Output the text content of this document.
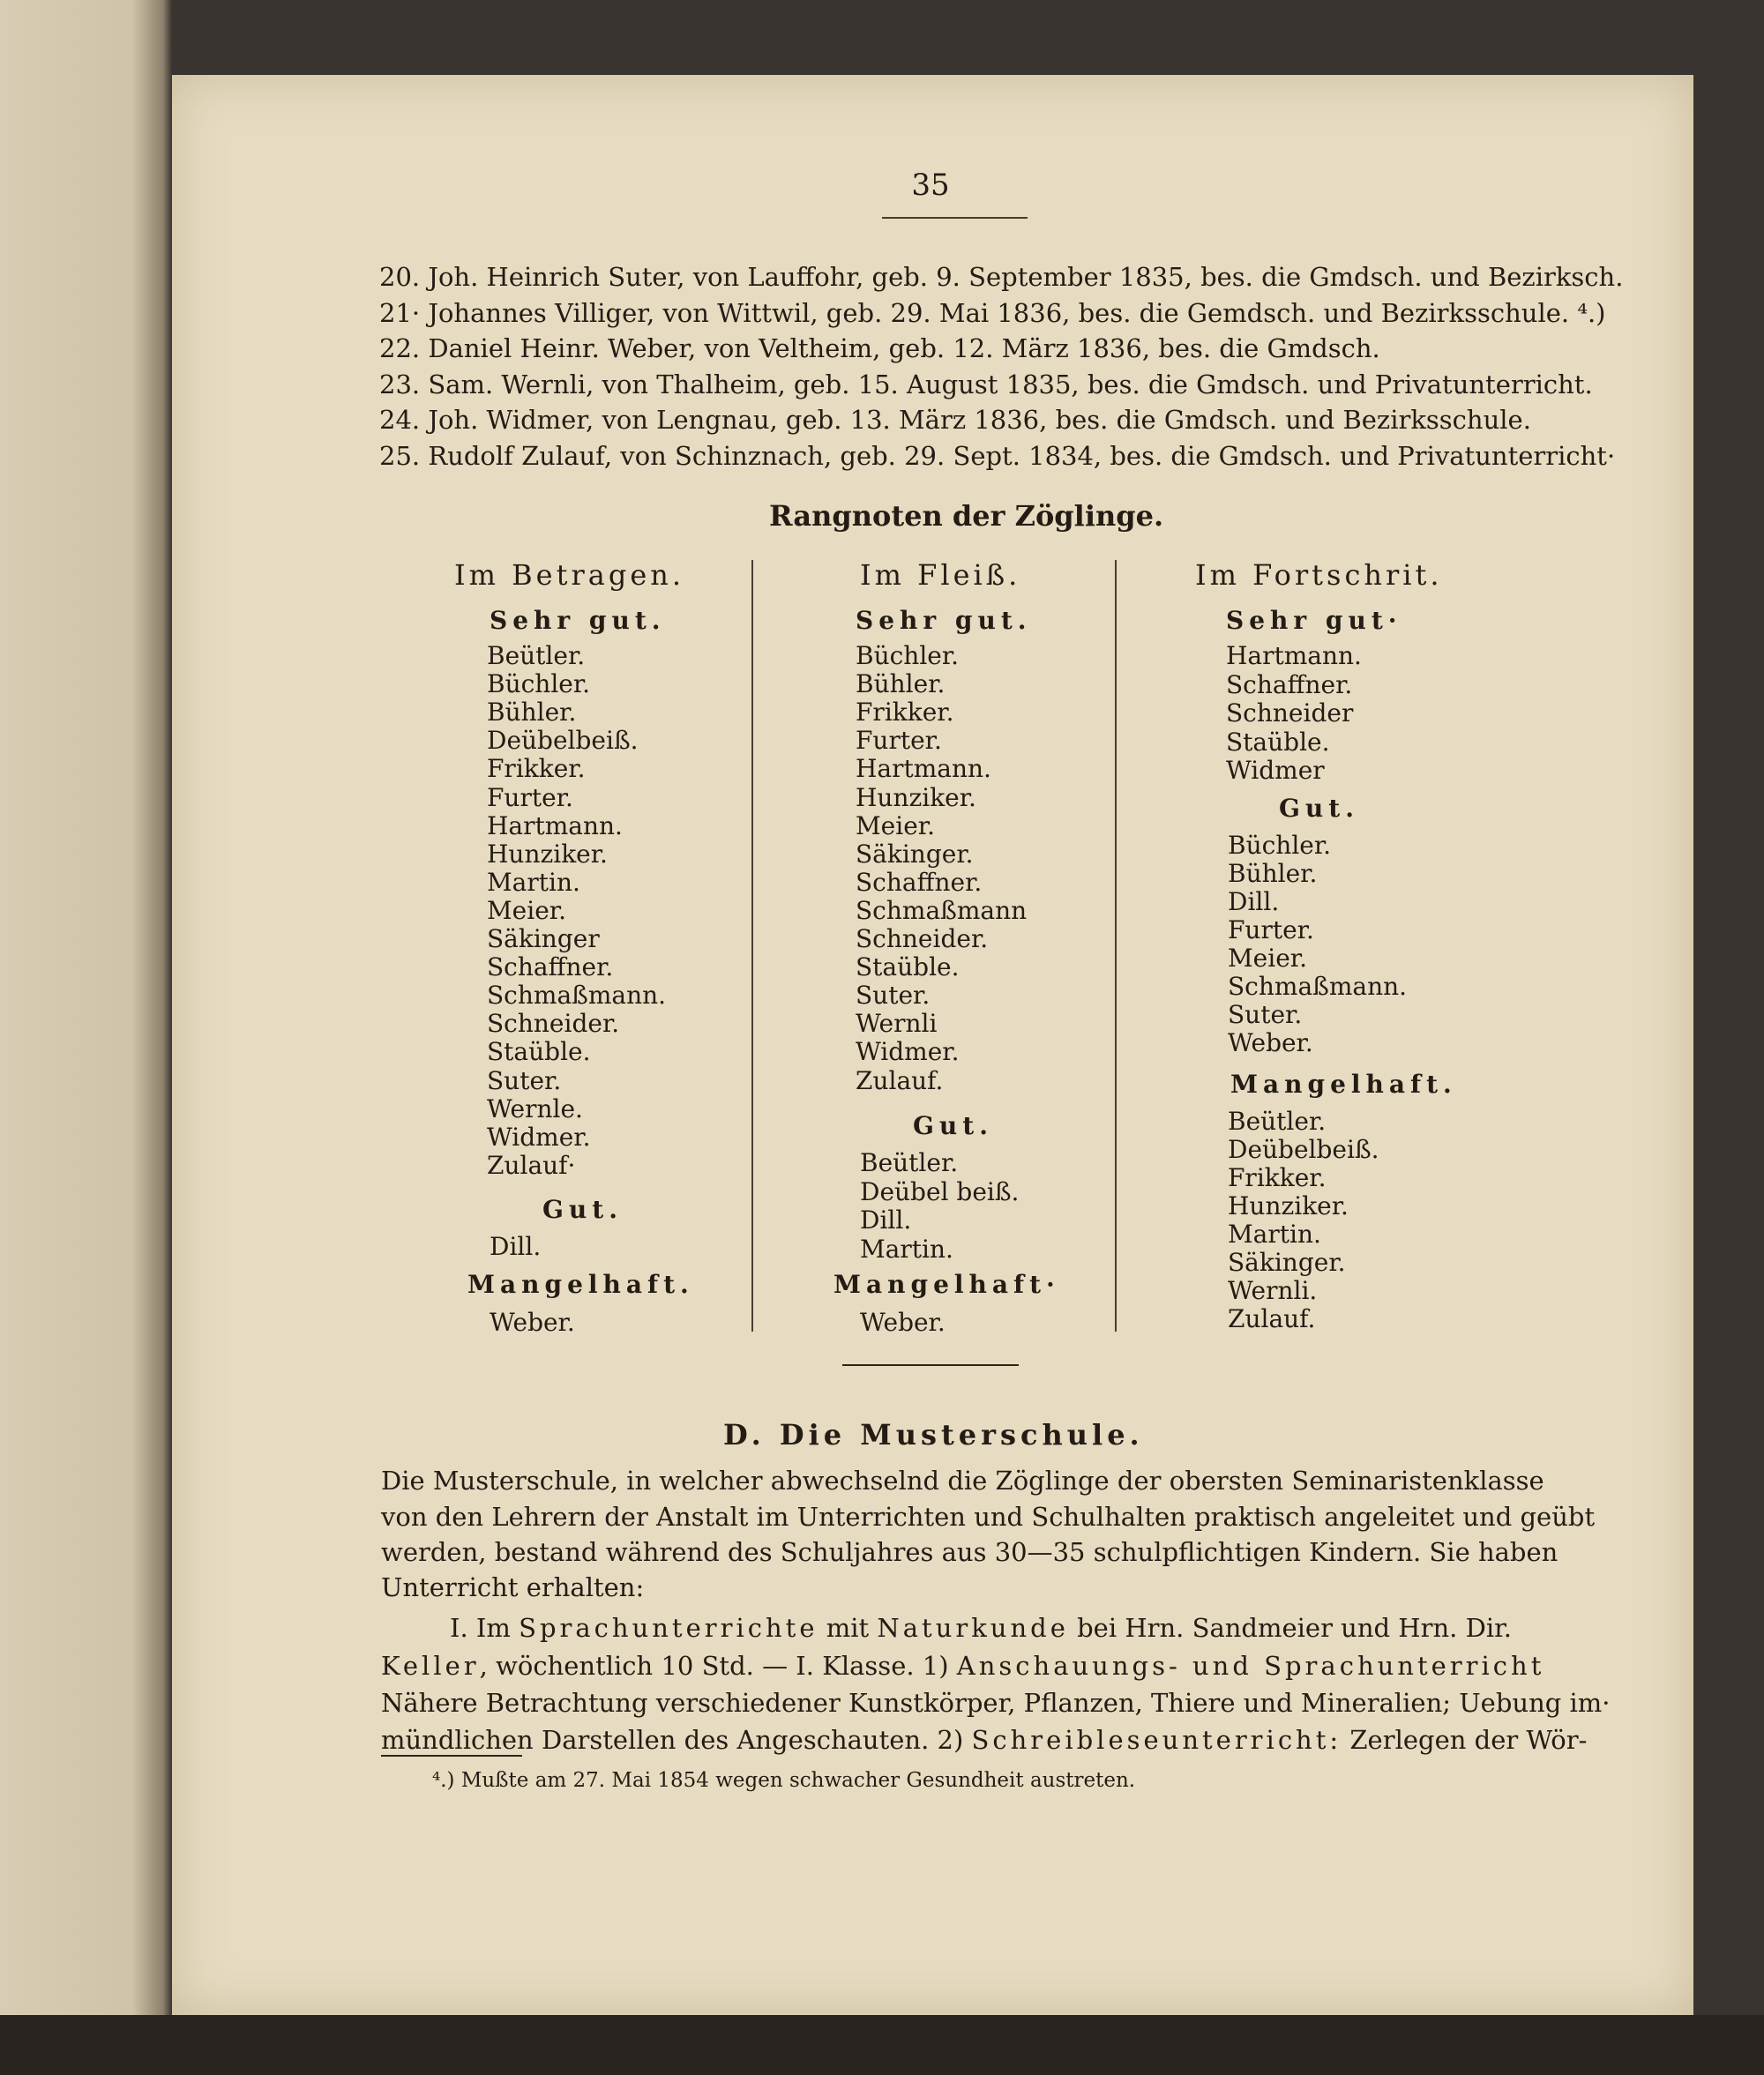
35
20. Joh. Heinrich Suter, von Lauffohr, geb. 9. September 1835, bes. die Gmdsch. und Bezirksch.
21· Johannes Villiger, von Wittwil, geb. 29. Mai 1836, bes. die Gemdsch. und Bezirksschule. ⁴.)
22. Daniel Heinr. Weber, von Veltheim, geb. 12. März 1836, bes. die Gmdsch.
23. Sam. Wernli, von Thalheim, geb. 15. August 1835, bes. die Gmdsch. und Privatunterricht.
24. Joh. Widmer, von Lengnau, geb. 13. März 1836, bes. die Gmdsch. und Bezirksschule.
25. Rudolf Zulauf, von Schinznach, geb. 29. Sept. 1834, bes. die Gmdsch. und Privatunterricht·
Rangnoten der Zöglinge.
Im Betragen.
Sehr gut.
Beütler.
Büchler.
Bühler.
Deübelbeiß.
Frikker.
Furter.
Hartmann.
Hunziker.
Martin.
Meier.
Säkinger
Schaffner.
Schmaßmann.
Schneider.
Staüble.
Suter.
Wernle.
Widmer.
Zulauf·
Gut.
Dill.
Mangelhaft.
Weber.
Im Fleiß.
Sehr gut.
Büchler.
Bühler.
Frikker.
Furter.
Hartmann.
Hunziker.
Meier.
Säkinger.
Schaffner.
Schmaßmann
Schneider.
Staüble.
Suter.
Wernli
Widmer.
Zulauf.
Gut.
Beütler.
Deübel beiß.
Dill.
Martin.
Mangelhaft·
Weber.
Im Fortschrit.
Sehr gut·
Hartmann.
Schaffner.
Schneider
Staüble.
Widmer
Gut.
Büchler.
Bühler.
Dill.
Furter.
Meier.
Schmaßmann.
Suter.
Weber.
Mangelhaft.
Beütler.
Deübelbeiß.
Frikker.
Hunziker.
Martin.
Säkinger.
Wernli.
Zulauf.
D. Die Musterschule.
Die Musterschule, in welcher abwechselnd die Zöglinge der obersten Seminaristenklasse
von den Lehrern der Anstalt im Unterrichten und Schulhalten praktisch angeleitet und geübt
werden, bestand während des Schuljahres aus 30—35 schulpflichtigen Kindern. Sie haben
Unterricht erhalten:
I. Im Sprachunterrichte mit Naturkunde bei Hrn. Sandmeier und Hrn. Dir.
Keller, wöchentlich 10 Std. — I. Klasse. 1) Anschauungs- und Sprachunterricht
Nähere Betrachtung verschiedener Kunstkörper, Pflanzen, Thiere und Mineralien; Uebung im·
mündlichen Darstellen des Angeschauten. 2) Schreibleseunterricht: Zerlegen der Wör-
⁴.) Mußte am 27. Mai 1854 wegen schwacher Gesundheit austreten.
